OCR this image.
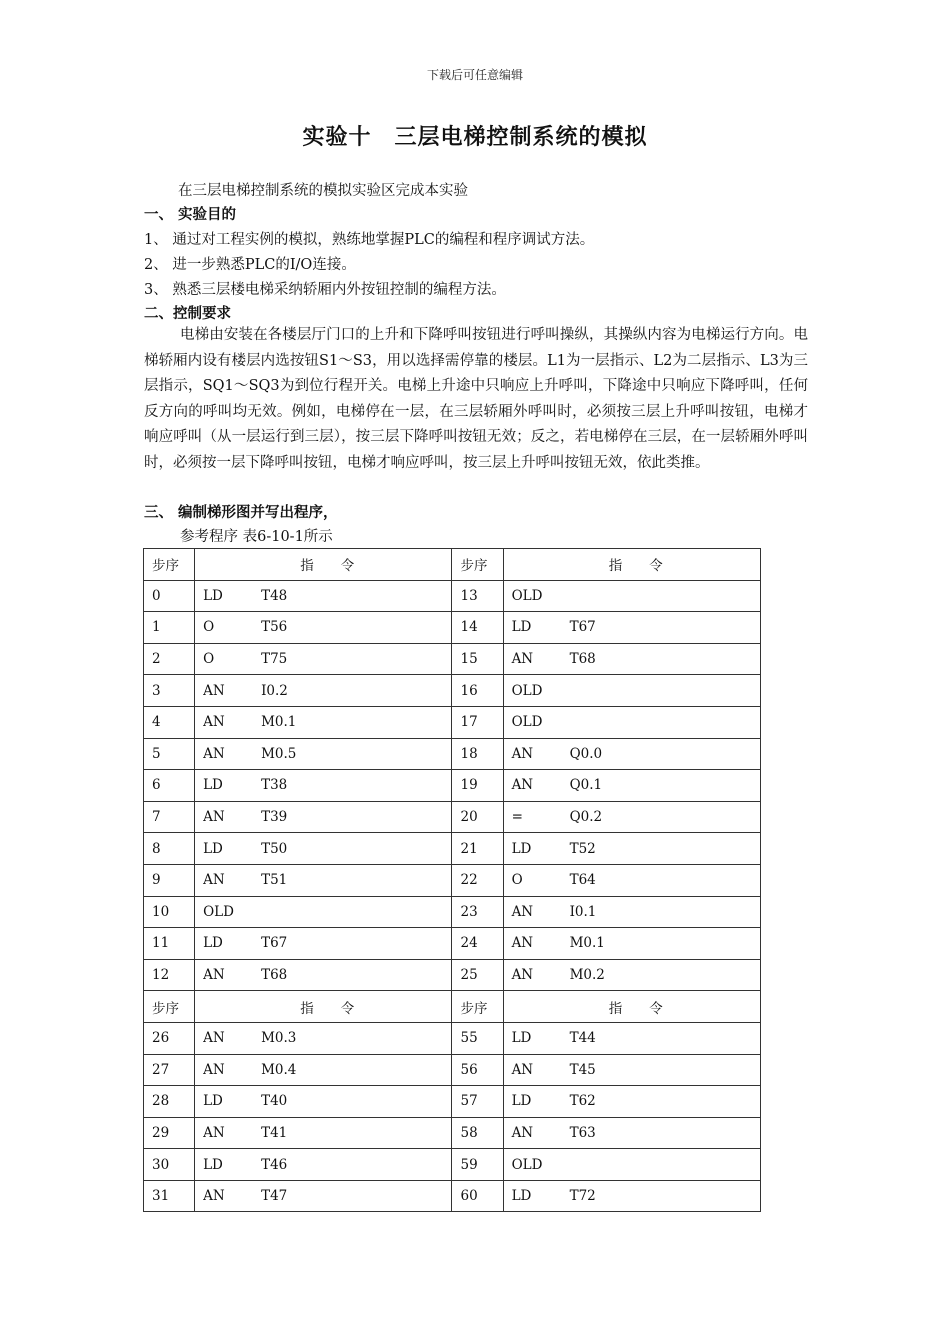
下载后可任意编辑
实验十　三层电梯控制系统的模拟
在三层电梯控制系统的模拟实验区完成本实验
一、 实验目的
1、 通过对工程实例的模拟，熟练地掌握PLC的编程和程序调试方法。
2、 进一步熟悉PLC的I/O连接。
3、 熟悉三层楼电梯采纳轿厢内外按钮控制的编程方法。
二、控制要求
电梯由安装在各楼层厅门口的上升和下降呼叫按钮进行呼叫操纵，其操纵内容为电梯运行方向。电梯轿厢内设有楼层内选按钮S1～S3，用以选择需停靠的楼层。L1为一层指示、L2为二层指示、L3为三层指示，SQ1～SQ3为到位行程开关。电梯上升途中只响应上升呼叫，下降途中只响应下降呼叫，任何反方向的呼叫均无效。例如，电梯停在一层，在三层轿厢外呼叫时，必须按三层上升呼叫按钮，电梯才响应呼叫（从一层运行到三层），按三层下降呼叫按钮无效；反之，若电梯停在三层，在一层轿厢外呼叫时，必须按一层下降呼叫按钮，电梯才响应呼叫，按三层上升呼叫按钮无效，依此类推。
三、 编制梯形图并写出程序，
参考程序 表6-10-1所示
步序	指　　令	步序	指　　令
0	LD T48	13	OLD
1	O T56	14	LD T67
2	O T75	15	AN T68
3	AN I0.2	16	OLD
4	AN M0.1	17	OLD
5	AN M0.5	18	AN Q0.0
6	LD T38	19	AN Q0.1
7	AN T39	20	= Q0.2
8	LD T50	21	LD T52
9	AN T51	22	O T64
10	OLD	23	AN I0.1
11	LD T67	24	AN M0.1
12	AN T68	25	AN M0.2
步序	指　　令	步序	指　　令
26	AN M0.3	55	LD T44
27	AN M0.4	56	AN T45
28	LD T40	57	LD T62
29	AN T41	58	AN T63
30	LD T46	59	OLD
31	AN T47	60	LD T72
